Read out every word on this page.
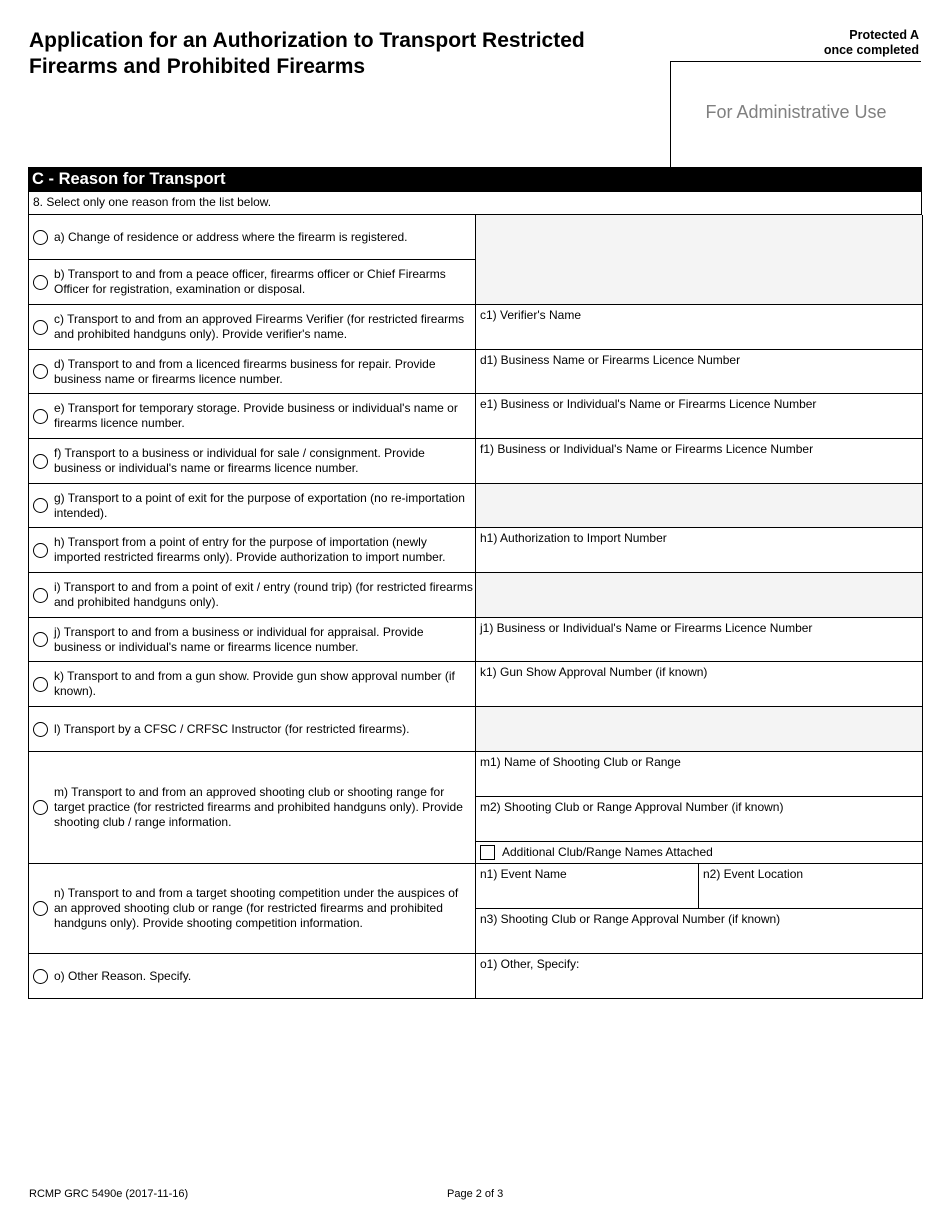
Application for an Authorization to Transport Restricted
Firearms and Prohibited Firearms
Protected A
once completed
For Administrative Use
C - Reason for Transport
8. Select only one reason from the list below.
a) Change of residence or address where the firearm is registered.
b) Transport to and from a peace officer, firearms officer or Chief Firearms Officer for registration, examination or disposal.
c) Transport to and from an approved Firearms Verifier (for restricted firearms and prohibited handguns only). Provide verifier's name.
c1) Verifier's Name
d) Transport to and from a licenced firearms business for repair. Provide business name or firearms licence number.
d1) Business Name or Firearms Licence Number
e) Transport for temporary storage. Provide business or individual's name or firearms licence number.
e1) Business or Individual's Name or Firearms Licence Number
f) Transport to a business or individual for sale / consignment. Provide business or individual's name or firearms licence number.
f1) Business or Individual's Name or Firearms Licence Number
g) Transport to a point of exit for the purpose of exportation (no re-importation intended).
h) Transport from a point of entry for the purpose of importation (newly imported restricted firearms only). Provide authorization to import number.
h1) Authorization to Import Number
i) Transport to and from a point of exit / entry (round trip) (for restricted firearms and prohibited handguns only).
j) Transport to and from a business or individual for appraisal. Provide business or individual's name or firearms licence number.
j1) Business or Individual's Name or Firearms Licence Number
k) Transport to and from a gun show. Provide gun show approval number (if known).
k1) Gun Show Approval Number (if known)
l) Transport by a CFSC / CRFSC Instructor (for restricted firearms).
m) Transport to and from an approved shooting club or shooting range for target practice (for restricted firearms and prohibited handguns only). Provide shooting club / range information.
m1) Name of Shooting Club or Range
m2) Shooting Club or Range Approval Number (if known)
Additional Club/Range Names Attached
n) Transport to and from a target shooting competition under the auspices of an approved shooting club or range (for restricted firearms and prohibited handguns only). Provide shooting competition information.
n1) Event Name	n2) Event Location
n3) Shooting Club or Range Approval Number (if known)
o) Other Reason. Specify.
o1) Other, Specify:
RCMP GRC 5490e (2017-11-16)	Page 2 of 3
